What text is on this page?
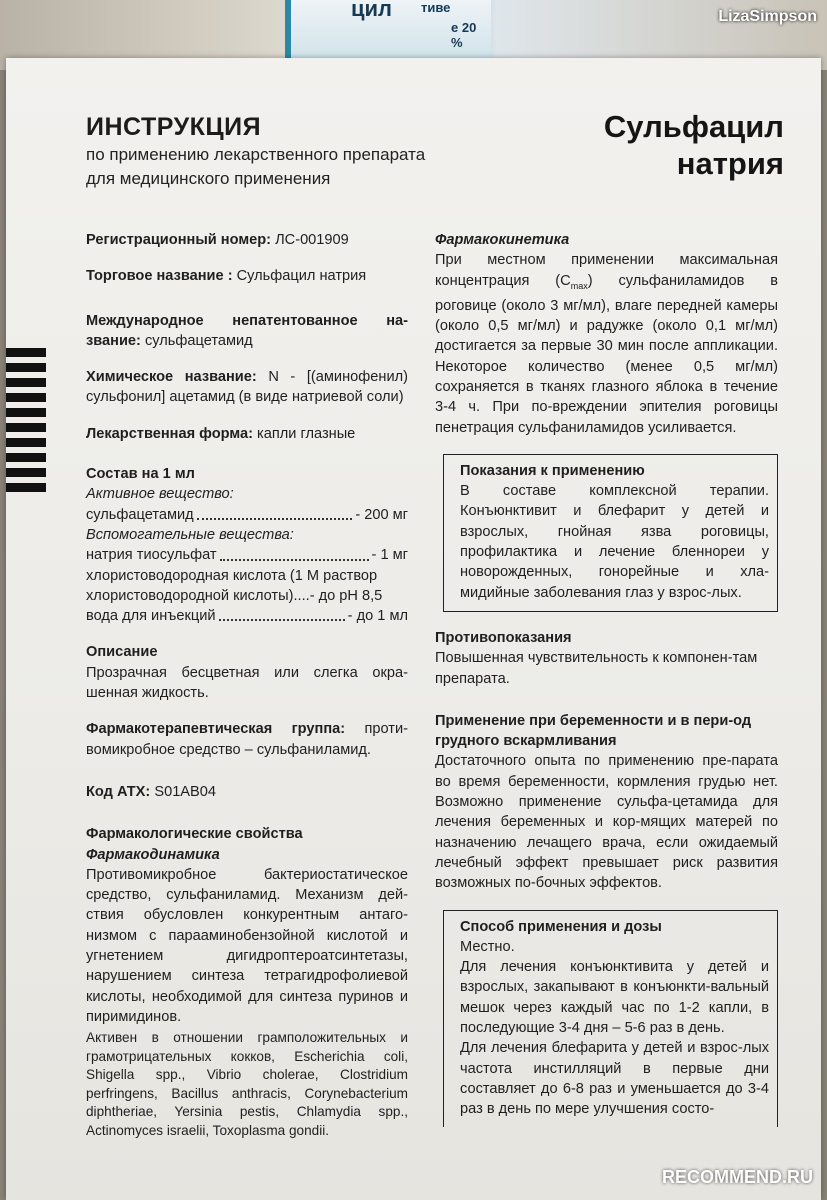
цил тиве
е 20 %
LizaSimpson
ИНСТРУКЦИЯ
по применению лекарственного препарата
для медицинского применения
Сульфацил
натрия
Регистрационный номер: ЛС-001909
Торговое название : Сульфацил натрия
Международное непатентованное на-звание: сульфацетамид
Химическое название: N - [(аминофенил) сульфонил] ацетамид (в виде натриевой соли)
Лекарственная форма: капли глазные
Состав на 1 мл
Активное вещество:
сульфацетамид	- 200 мг
Вспомогательные вещества:
натрия тиосульфат	- 1 мг
хлористоводородная кислота (1 М раствор хлористоводородной кислоты)....- до рН 8,5
вода для инъекций	- до 1 мл
Описание
Прозрачная бесцветная или слегка окра-шенная жидкость.
Фармакотерапевтическая группа: проти-вомикробное средство – сульфаниламид.
Код АТХ: S01AB04
Фармакологические свойства
Фармакодинамика
Противомикробное бактериостатическое средство, сульфаниламид. Механизм дей-ствия обусловлен конкурентным антаго-низмом с парааминобензойной кислотой и угнетением дигидроптероатсинтетазы, нарушением синтеза тетрагидрофолиевой кислоты, необходимой для синтеза пуринов и пиримидинов.
Активен в отношении грамположительных и грамотрицательных кокков, Escherichia coli, Shigella spp., Vibrio cholerae, Clostridium perfringens, Bacillus anthracis, Corynebacterium diphtheriae, Yersinia pestis, Chlamydia spp., Actinomyces israelii, Toxoplasma gondii.
Фармакокинетика
При местном применении максимальная концентрация $(C_{max})$ сульфаниламидов в роговице (около 3 мг/мл), влаге передней камеры (около 0,5 мг/мл) и радужке (около 0,1 мг/мл) достигается за первые 30 мин после аппликации. Некоторое количество (менее 0,5 мг/мл) сохраняется в тканях глазного яблока в течение 3-4 ч. При по-вреждении эпителия роговицы пенетрация сульфаниламидов усиливается.
Показания к применению
В составе комплексной терапии. Конъюнктивит и блефарит у детей и взрослых, гнойная язва роговицы, профилактика и лечение бленнореи у новорожденных, гонорейные и хла-мидийные заболевания глаз у взрос-лых.
Противопоказания
Повышенная чувствительность к компонен-там препарата.
Применение при беременности и в пери-од грудного вскармливания
Достаточного опыта по применению пре-парата во время беременности, кормления грудью нет. Возможно применение сульфа-цетамида для лечения беременных и кор-мящих матерей по назначению лечащего врача, если ожидаемый лечебный эффект превышает риск развития возможных по-бочных эффектов.
Способ применения и дозы
Местно.
Для лечения конъюнктивита у детей и взрослых, закапывают в конъюнкти-вальный мешок через каждый час по 1-2 капли, в последующие 3-4 дня – 5-6 раз в день.
Для лечения блефарита у детей и взрос-лых частота инстилляций в первые дни составляет до 6-8 раз и уменьшается до 3-4 раз в день по мере улучшения состо-
RECOMMEND.RU
